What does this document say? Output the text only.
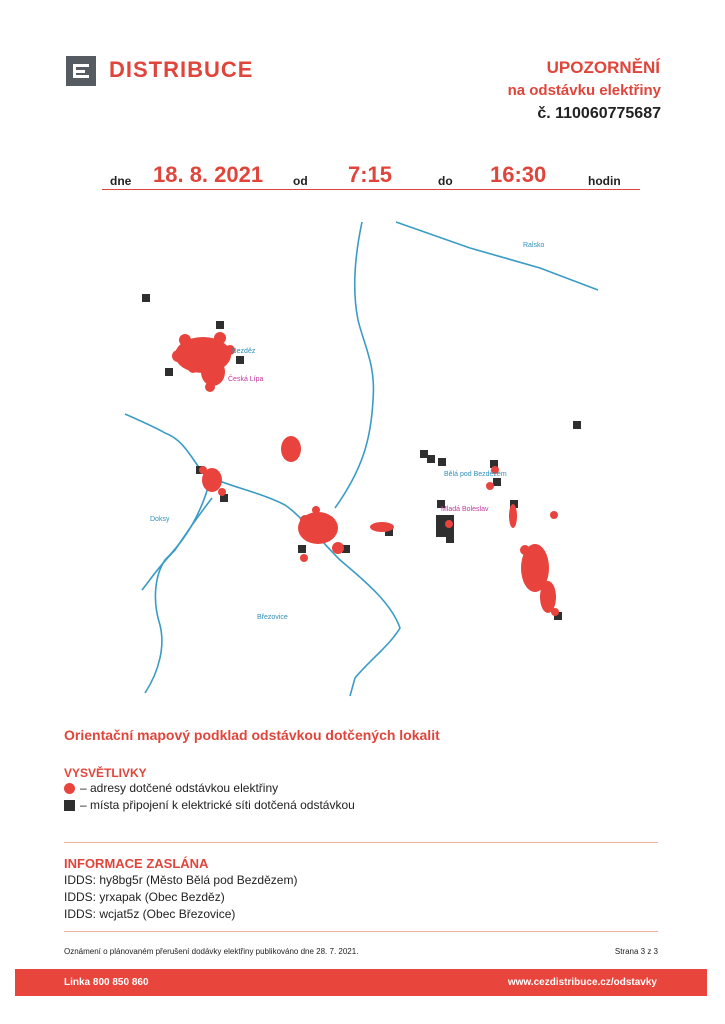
DISTRIBUCE	UPOZORNĚNÍ
na odstávku elektřiny
č. 110060775687
dne 18. 8. 2021 od 7:15	do 16:30	hodin
Ralsko
Bezděz
Česká Lípa
Bělá pod Bezdězem
Mladá Boleslav
Doksy
Březovice
Orientační mapový podklad odstávkou dotčených lokalit
VYSVĚTLIVKY
– adresy dotčené odstávkou elektřiny
– místa připojení k elektrické síti dotčená odstávkou
INFORMACE ZASLÁNA
IDDS: hy8bg5r (Město Bělá pod Bezdězem)
IDDS: yrxapak (Obec Bezděz)
IDDS: wcjat5z (Obec Březovice)
Oznámení o plánovaném přerušení dodávky elektřiny publikováno dne 28. 7. 2021.	Strana 3 z 3
Linka 800 850 860	www.cezdistribuce.cz/odstavky
